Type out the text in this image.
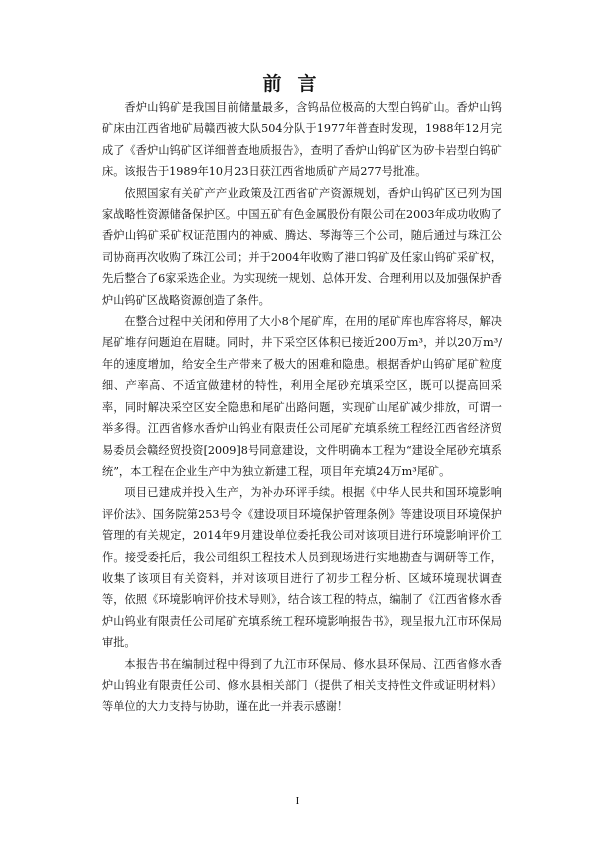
前言

香炉山钨矿是我国目前储量最多，含钨品位极高的大型白钨矿山。香炉山钨矿床由江西省地矿局赣西被大队504分队于1977年普查时发现，1988年12月完成了《香炉山钨矿区详细普查地质报告》，查明了香炉山钨矿区为矽卡岩型白钨矿床。该报告于1989年10月23日获江西省地质矿产局277号批准。

依照国家有关矿产产业政策及江西省矿产资源规划，香炉山钨矿区已列为国家战略性资源储备保护区。中国五矿有色金属股份有限公司在2003年成功收购了香炉山钨矿采矿权证范围内的神威、腾达、琴海等三个公司，随后通过与珠江公司协商再次收购了珠江公司；并于2004年收购了港口钨矿及任家山钨矿采矿权，先后整合了6家采选企业。为实现统一规划、总体开发、合理利用以及加强保护香炉山钨矿区战略资源创造了条件。

在整合过程中关闭和停用了大小8个尾矿库，在用的尾矿库也库容将尽，解决尾矿堆存问题迫在眉睫。同时，井下采空区体积已接近200万m³，并以20万m³/年的速度增加，给安全生产带来了极大的困难和隐患。根据香炉山钨矿尾矿粒度细、产率高、不适宜做建材的特性，利用全尾砂充填采空区，既可以提高回采率，同时解决采空区安全隐患和尾矿出路问题，实现矿山尾矿减少排放，可谓一举多得。江西省修水香炉山钨业有限责任公司尾矿充填系统工程经江西省经济贸易委员会赣经贸投资[2009]8号同意建设，文件明确本工程为“建设全尾砂充填系统”，本工程在企业生产中为独立新建工程，项目年充填24万m³尾矿。

项目已建成并投入生产，为补办环评手续。根据《中华人民共和国环境影响评价法》、国务院第253号令《建设项目环境保护管理条例》等建设项目环境保护管理的有关规定，2014年9月建设单位委托我公司对该项目进行环境影响评价工作。接受委托后，我公司组织工程技术人员到现场进行实地勘查与调研等工作，收集了该项目有关资料，并对该项目进行了初步工程分析、区域环境现状调查等，依照《环境影响评价技术导则》，结合该工程的特点，编制了《江西省修水香炉山钨业有限责任公司尾矿充填系统工程环境影响报告书》，现呈报九江市环保局审批。

本报告书在编制过程中得到了九江市环保局、修水县环保局、江西省修水香炉山钨业有限责任公司、修水县相关部门（提供了相关支持性文件或证明材料）等单位的大力支持与协助，谨在此一并表示感谢！

I
